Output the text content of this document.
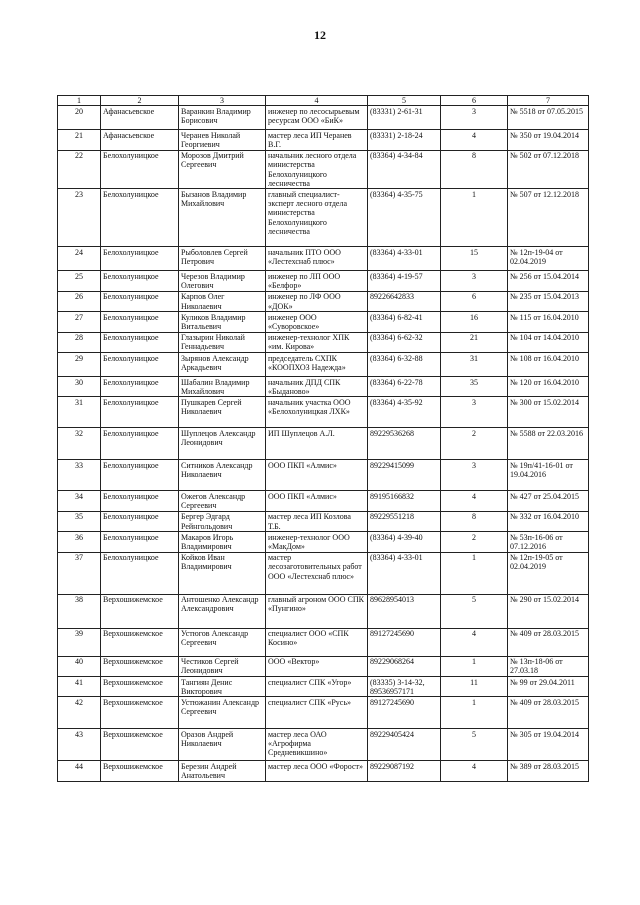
12
1	2	3	4	5	6	7
20	Афанасьевское	Варанкин Владимир Борисович	инженер по лесосырьевым ресурсам ООО «БиК»	(83331) 2-61-31	3	№ 5518 от 07.05.2015
21	Афанасьевское	Черанев Николай Георгиевич	мастер леса ИП Черанев В.Г.	(83331) 2-18-24	4	№ 350 от 19.04.2014
22	Белохолуницкое	Морозов Дмитрий Сергеевич	начальник лесного отдела министерства Белохолуницкого лесничества	(83364) 4-34-84	8	№ 502 от 07.12.2018
23	Белохолуницкое	Бызанов Владимир Михайлович	главный специалист-эксперт лесного отдела министерства Белохолуницкого лесничества	(83364) 4-35-75	1	№ 507 от 12.12.2018
24	Белохолуницкое	Рыболовлев Сергей Петрович	начальник ПТО ООО «Лестехснаб плюс»	(83364) 4-33-01	15	№ 12п-19-04 от 02.04.2019
25	Белохолуницкое	Черезов Владимир Олегович	инженер по ЛП ООО «Белфор»	(83364) 4-19-57	3	№ 256 от 15.04.2014
26	Белохолуницкое	Карпов Олег Николаевич	инженер по ЛФ ООО «ДОК»	89226642833	6	№ 235 от 15.04.2013
27	Белохолуницкое	Куликов Владимир Витальевич	инженер ООО «Суворовское»	(83364) 6-82-41	16	№ 115 от 16.04.2010
28	Белохолуницкое	Глазырин Николай Геннадьевич	инженер-технолог ХПК «им. Кирова»	(83364) 6-62-32	21	№ 104 от 14.04.2010
29	Белохолуницкое	Зырянов Александр Аркадьевич	председатель СХПК «КООПХОЗ Надежда»	(83364) 6-32-88	31	№ 108 от 16.04.2010
30	Белохолуницкое	Шабалин Владимир Михайлович	начальник ДПД СПК «Быданово»	(83364) 6-22-78	35	№ 120 от 16.04.2010
31	Белохолуницкое	Пушкарев Сергей Николаевич	начальник участка ООО «Белохолуницкая ЛХК»	(83364) 4-35-92	3	№ 300 от 15.02.2014
32	Белохолуницкое	Шуплецов Александр Леонидович	ИП Шуплецов А.Л.	89229536268	2	№ 5588 от 22.03.2016
33	Белохолуницкое	Ситников Александр Николаевич	ООО ПКП «Алмис»	89229415099	3	№ 19п/41-16-01 от 19.04.2016
34	Белохолуницкое	Ожегов Александр Сергеевич	ООО ПКП «Алмис»	89195166832	4	№ 427 от 25.04.2015
35	Белохолуницкое	Бергер Эдгард Рейнгольдович	мастер леса ИП Козлова Т.Б.	89229551218	8	№ 332 от 16.04.2010
36	Белохолуницкое	Макаров Игорь Владимирович	инженер-технолог ООО «МакДом»	(83364) 4-39-40	2	№ 53п-16-06 от 07.12.2016
37	Белохолуницкое	Койков Иван Владимирович	мастер лесозаготовительных работ ООО «Лестехснаб плюс»	(83364) 4-33-01	1	№ 12п-19-05 от 02.04.2019
38	Верхошижемское	Антошенко Александр Александрович	главный агроном ООО СПК «Пунгино»	89628954013	5	№ 290 от 15.02.2014
39	Верхошижемское	Устюгов Александр Сергеевич	специалист ООО «СПК Косино»	89127245690	4	№ 409 от 28.03.2015
40	Верхошижемское	Честиков Сергей Леонидович	ООО «Вектор»	89229068264	1	№ 13п-18-06 от 27.03.18
41	Верхошижемское	Тангиян Денис Викторович	специалист СПК «Угор»	(83335) 3-14-32, 89536957171	11	№ 99 от 29.04.2011
42	Верхошижемское	Устюжанин Александр Сергеевич	специалист СПК «Русь»	89127245690	1	№ 409 от 28.03.2015
43	Верхошижемское	Оразов Андрей Николаевич	мастер леса ОАО «Агрофирма Средневикшино»	89229405424	5	№ 305 от 19.04.2014
44	Верхошижемское	Березин Андрей Анатольевич	мастер леса ООО «Форост»	89229087192	4	№ 389 от 28.03.2015
